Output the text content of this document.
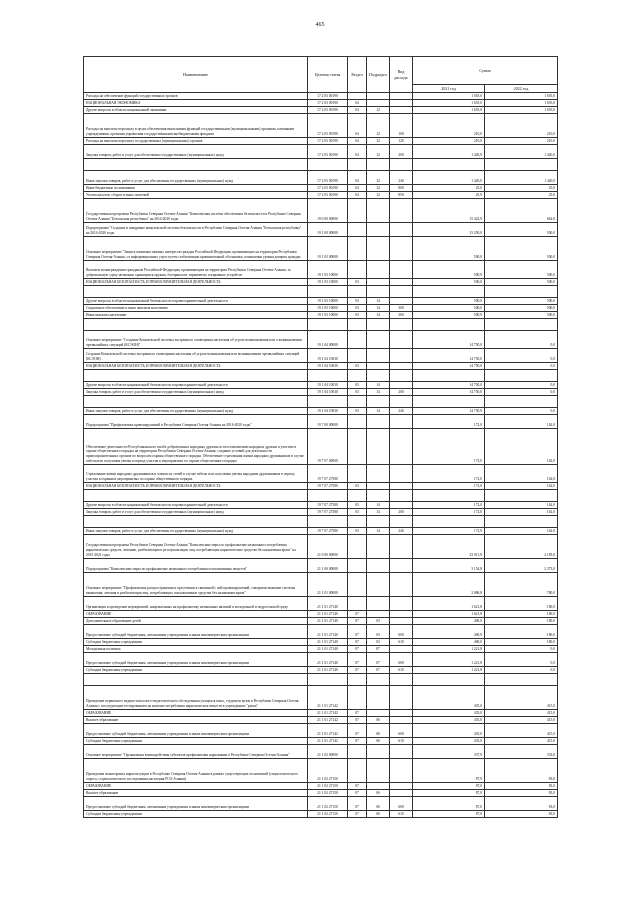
465
Наименование	Целевая статья	Раздел	Подраздел	Вид расхода	Сумма	
					2021 год	2022 год
Расходы на обеспечение функций государственных органов	17 2 03 00190				1 655,0	1 655,0
НАЦИОНАЛЬНАЯ ЭКОНОМИКА	17 2 03 00190	04			1 655,0	1 655,0
Другие вопросы в области национальной экономики	17 2 03 00190	04	12		1 655,0	1 655,0
Расходы на выплаты персоналу в целях обеспечения выполнения функций государственными (муниципальными) органами, казенными учреждениями, органами управления государственными внебюджетными фондами	17 2 03 00190	04	12	100	210,0	210,0
Расходы на выплаты персоналу государственных (муниципальных) органов	17 2 03 00190	04	12	120	210,0	210,0
Закупка товаров, работ и услуг для обеспечения государственных (муниципальных) нужд	17 2 03 00190	04	12	200	1 420,0	1 420,0

Иные закупки товаров, работ и услуг для обеспечения государственных (муниципальных) нужд	17 2 03 00190	04	12	240	1 420,0	1 420,0
Иные бюджетные ассигнования	17 2 03 00190	04	12	800	25,0	25,0
Уплата налогов, сборов и иных платежей	17 2 03 00190	04	12	850	25,0	25,0
Государственная программа Республики Северная Осетия-Алания "Комплексная система обеспечения безопасности в Республике Северная Осетия-Алания "Безопасная республика" на 2014-2020 годы	19 0 00 00000				15 422,0	662,0
Подпрограмма "Создание и внедрение комплексной системы безопасности в Республике Северная Осетия-Алания "Безопасная республика" на 2014-2020 годы	19 1 00 00000				15 250,0	500,0
Основное мероприятие "Защита жизненно важных интересов граждан Российской Федерации, проживающих на территории Республики Северная Осетия-Алания, от информационных угроз путем стабилизации криминогенной обстановки, повышения уровня доверия граждан	19 1 03 00000				500,0	500,0
Выплаты вознаграждения гражданам Российской Федерации, проживающим на территории Республики Северная Осетия-Алания, за добровольную сдачу незаконно хранящихся оружия, боеприпасов, взрывчатых и взрывных устройств	19 1 03 10000				500,0	500,0
НАЦИОНАЛЬНАЯ БЕЗОПАСНОСТЬ И ПРАВООХРАНИТЕЛЬНАЯ ДЕЯТЕЛЬНОСТЬ	19 1 03 10000	03			500,0	500,0

Другие вопросы в области национальной безопасности и правоохранительной деятельности	19 1 03 10000	03	14		500,0	500,0
Социальное обеспечение и иные выплаты населению	19 1 03 10000	03	14	300	500,0	500,0
Иные выплаты населению	19 1 03 10000	03	14	360	500,0	500,0

Основное мероприятие "Создание Комплексной системы экстренного оповещения населения об угрозе возникновения или о возникновении чрезвычайных ситуаций (КСЭОН)"	19 1 04 00000				14 750,0	0,0
Создание Комплексной системы экстренного оповещения населения об угрозе возникновения или возникновении чрезвычайных ситуаций (КСЭОН)	19 1 04 10030				14 750,0	0,0
НАЦИОНАЛЬНАЯ БЕЗОПАСНОСТЬ И ПРАВООХРАНИТЕЛЬНАЯ ДЕЯТЕЛЬНОСТЬ	19 1 04 10030	03			14 750,0	0,0

Другие вопросы в области национальной безопасности и правоохранительной деятельности	19 1 04 10030	03	14		14 750,0	0,0
Закупка товаров, работ и услуг для обеспечения государственных (муниципальных) нужд	19 1 04 10030	03	14	200	14 750,0	0,0

Иные закупки товаров, работ и услуг для обеспечения государственных (муниципальных) нужд	19 1 04 10030	03	14	240	14 750,0	0,0
Подпрограмма "Профилактика правонарушений в Республике Северная Осетия-Алания на 2016-2020 годы"	19 7 00 00000				172,0	162,0
Обеспечение деятельности Республиканского штаба добровольных народных дружин по восстановлению народных дружин и участию в охране общественного порядка на территории Республики Северная Осетия-Алания, создание условий для деятельности правоохранительных органов по вопросам охраны общественного порядка. Обеспечение страхования жизни народных дружинников в случае гибели или получения увечья в период участия в мероприятиях по охране общественного порядка	19 7 07 00000				172,0	162,0
Страхование жизни народных дружинников и членов их семей в случае гибели или получения увечья народным дружинником в период участия в охранных мероприятиях по охране общественного порядка	19 7 07 27580				172,0	162,0
НАЦИОНАЛЬНАЯ БЕЗОПАСНОСТЬ И ПРАВООХРАНИТЕЛЬНАЯ ДЕЯТЕЛЬНОСТЬ	19 7 07 27580	03			172,0	162,0

Другие вопросы в области национальной безопасности и правоохранительной деятельности	19 7 07 27580	03	14		172,0	162,0
Закупка товаров, работ и услуг для обеспечения государственных (муниципальных) нужд	19 7 07 27580	03	14	200	172,0	162,0

Иные закупки товаров, работ и услуг для обеспечения государственных (муниципальных) нужд	19 7 07 27580	03	14	240	172,0	162,0
Государственная программа Республики Северная Осетия-Алания "Комплексные меры по профилактике незаконного потребления наркотических средств, лечению, реабилитации и ресоциализации лиц, потребляющих наркотические средства без назначения врача" на 2015-2021 годы	21 0 00 00000				25 011,8	2 185,8
Подпрограмма "Комплексные меры по профилактике незаконного потребления психоактивных веществ"	21 1 00 00000				3 154,8	2 373,0
Основное мероприятие "Профилактика распространения и пресечения в связанной с ней правонарушений, совершенствование системы выявления, лечения и реабилитации лиц, потребляющих психоактивные средства без назначения врача"	21 1 01 00000				2 086,8	780,0
Организация и проведение мероприятий, направленных на профилактику незаконных явлений в молодежной и подростковой среде	21 1 01 27140				1 621,8	180,0
ОБРАЗОВАНИЕ	21 1 01 27140	07			1 621,8	180,0
Дополнительное образование детей	21 1 01 27140	07	03		400,0	180,0
Предоставление субсидий бюджетным, автономным учреждениям и иным некоммерческим организациям	21 1 01 27140	07	03	600	400,0	180,0
Субсидии бюджетным учреждениям	21 1 01 27140	07	03	610	400,0	180,0
Молодежная политика	21 1 01 27140	07	07		1 221,8	0,0
Предоставление субсидий бюджетным, автономным учреждениям и иным некоммерческим организациям	21 1 01 27140	07	07	600	1 221,8	0,0
Субсидии бюджетным учреждениям	21 1 01 27140	07	07	610	1 221,8	0,0

Проведение первичного медико-психолого-педагогического обследования учащихся школ, студентов вузов в Республике Северная Осетия-Алания с последующим тестированием на наличие потребления наркотических веществ в учреждениях "риска"	21 1 01 27142				435,0	415,0
ОБРАЗОВАНИЕ	21 1 01 27142	07			435,0	415,0
Высшее образование	21 1 01 27142	07	06		435,0	415,0
Предоставление субсидий бюджетным, автономным учреждениям и иным некоммерческим организациям	21 1 01 27142	07	06	600	435,0	415,0
Субсидии бюджетным учреждениям	21 1 01 27142	07	06	610	435,0	415,0
Основное мероприятие "Организация взаимодействия субъектов профилактики наркомании в Республике Северная Осетия-Алания"	21 1 02 00000				337,0	333,0
Проведение мониторинга наркоситуации в Республике Северная Осетия-Алания в рамках существующих полномочий (социологического опроса, социологического исследования населения РСО-Алания)	21 1 02 27150				87,0	83,0
ОБРАЗОВАНИЕ	21 1 02 27150	07			87,0	83,0
Высшее образование	21 1 02 27150	07	06		87,0	83,0
Предоставление субсидий бюджетным, автономным учреждениям и иным некоммерческим организациям	21 1 02 27150	07	06	600	87,0	83,0
Субсидии бюджетным учреждениям	21 1 02 27150	07	06	610	87,0	83,0
